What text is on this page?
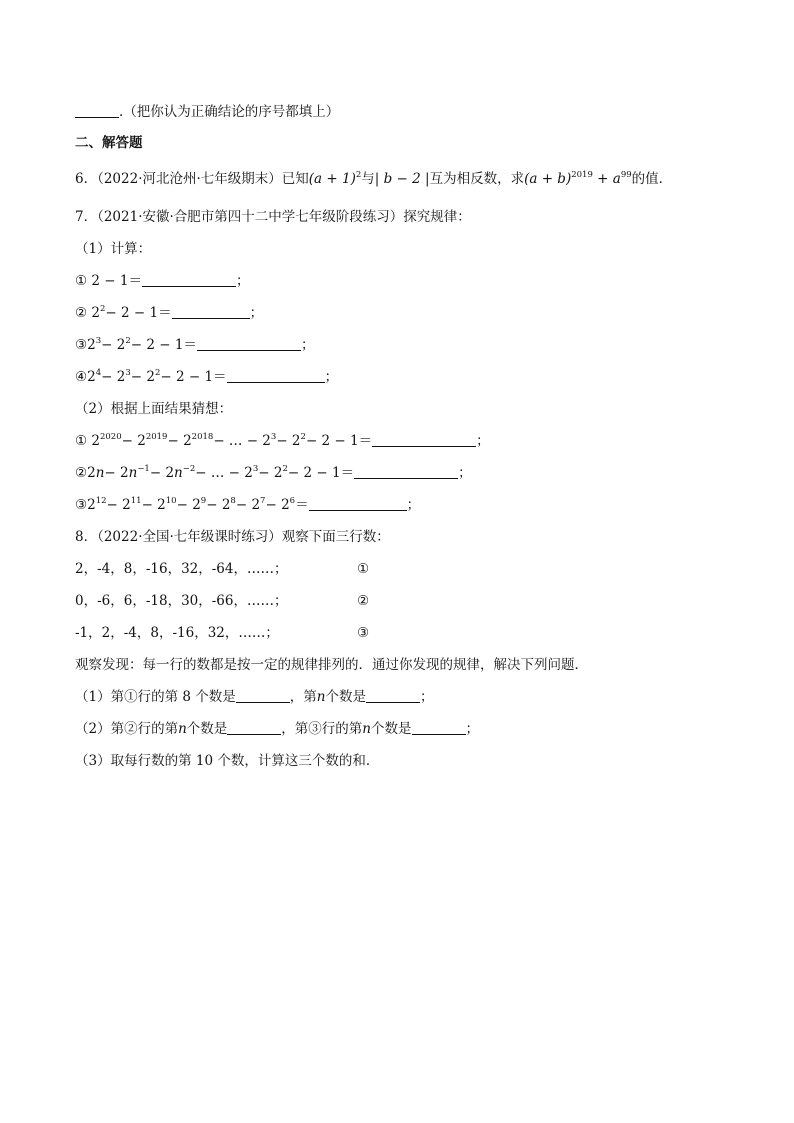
.（把你认为正确结论的序号都填上）
二、解答题
6．（2022·河北沧州·七年级期末）已知$(a + 1)^2$与| b − 2 |互为相反数，求$(a + b)^{2019} + a^{99}$的值．
7．（2021·安徽·合肥市第四十二中学七年级阶段练习）探究规律：
（1）计算：
① 2 − 1＝	；
② $2^2- 2 - 1=$	；
$③2^3- 2^2- 2 - 1=$	；
$④2^4- 2^3- 2^2- 2 - 1=$	；
（2）根据上面结果猜想：
① $2^{2020}- 2^{2019}- 2^{2018}-$ … − $2^3- 2^2- 2 - 1=$	；
②2n− $2n^{-1}- 2n^{-2}-$ … − $2^3- 2^2- 2 - 1=$	；
$③2^{12}- 2^{11}- 2^{10}- 2^9- 2^8- 2^7- 2^6=$	；
8．（2022·全国·七年级课时练习）观察下面三行数：
2，-4，8，-16，32，-64，……；	①
0，-6，6，-18，30，-66，……；	②
-1，2，-4，8，-16，32，……；	③
观察发现：每一行的数都是按一定的规律排列的．通过你发现的规律，解决下列问题．
（1）第①行的第 8 个数是	，第n个数是	；
（2）第②行的第n个数是	，第③行的第n个数是	；
（3）取每行数的第 10 个数，计算这三个数的和．
